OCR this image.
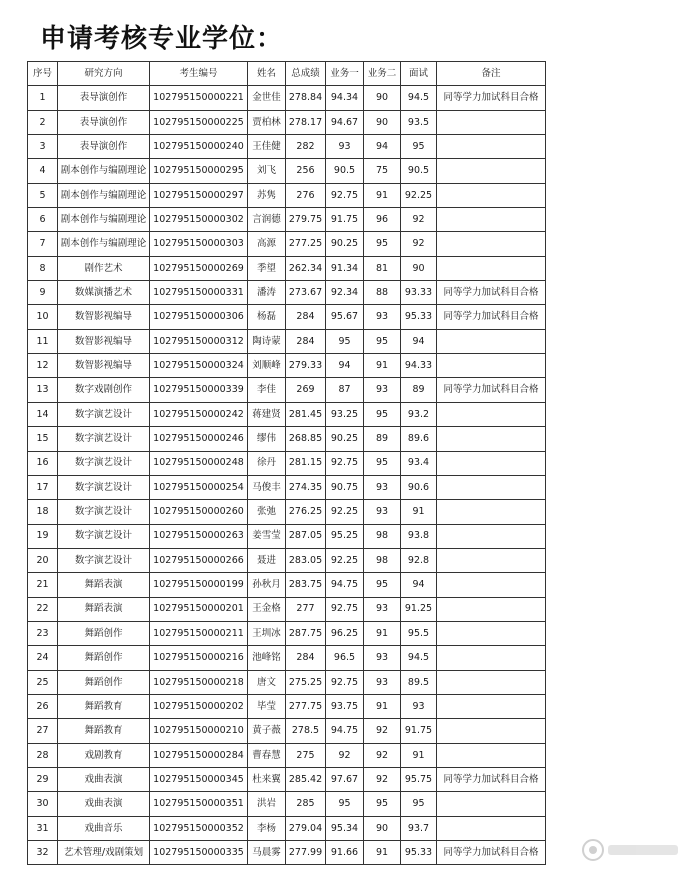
申请考核专业学位：
序号	研究方向	考生编号	姓名	总成绩	业务一	业务二	面试	备注
1	表导演创作	102795150000221	金世佳	278.84	94.34	90	94.5	同等学力加试科目合格
2	表导演创作	102795150000225	贾柏林	278.17	94.67	90	93.5	
3	表导演创作	102795150000240	王佳健	282	93	94	95	
4	剧本创作与编剧理论	102795150000295	刘飞	256	90.5	75	90.5	
5	剧本创作与编剧理论	102795150000297	苏隽	276	92.75	91	92.25	
6	剧本创作与编剧理论	102795150000302	言润德	279.75	91.75	96	92	
7	剧本创作与编剧理论	102795150000303	高源	277.25	90.25	95	92	
8	剧作艺术	102795150000269	季望	262.34	91.34	81	90	
9	数媒演播艺术	102795150000331	潘涛	273.67	92.34	88	93.33	同等学力加试科目合格
10	数智影视编导	102795150000306	杨磊	284	95.67	93	95.33	同等学力加试科目合格
11	数智影视编导	102795150000312	陶诗蒙	284	95	95	94	
12	数智影视编导	102795150000324	刘顺峰	279.33	94	91	94.33	
13	数字戏剧创作	102795150000339	李佳	269	87	93	89	同等学力加试科目合格
14	数字演艺设计	102795150000242	蒋建贤	281.45	93.25	95	93.2	
15	数字演艺设计	102795150000246	缪伟	268.85	90.25	89	89.6	
16	数字演艺设计	102795150000248	徐丹	281.15	92.75	95	93.4	
17	数字演艺设计	102795150000254	马俊丰	274.35	90.75	93	90.6	
18	数字演艺设计	102795150000260	张弛	276.25	92.25	93	91	
19	数字演艺设计	102795150000263	姜雪莹	287.05	95.25	98	93.8	
20	数字演艺设计	102795150000266	聂进	283.05	92.25	98	92.8	
21	舞蹈表演	102795150000199	孙秋月	283.75	94.75	95	94	
22	舞蹈表演	102795150000201	王金格	277	92.75	93	91.25	
23	舞蹈创作	102795150000211	王圳冰	287.75	96.25	91	95.5	
24	舞蹈创作	102795150000216	池峰铭	284	96.5	93	94.5	
25	舞蹈创作	102795150000218	唐文	275.25	92.75	93	89.5	
26	舞蹈教育	102795150000202	毕莹	277.75	93.75	91	93	
27	舞蹈教育	102795150000210	黄子薇	278.5	94.75	92	91.75	
28	戏剧教育	102795150000284	曹春慧	275	92	92	91	
29	戏曲表演	102795150000345	杜来翼	285.42	97.67	92	95.75	同等学力加试科目合格
30	戏曲表演	102795150000351	洪岩	285	95	95	95	
31	戏曲音乐	102795150000352	李杨	279.04	95.34	90	93.7	
32	艺术管理/戏剧策划	102795150000335	马晨雾	277.99	91.66	91	95.33	同等学力加试科目合格
